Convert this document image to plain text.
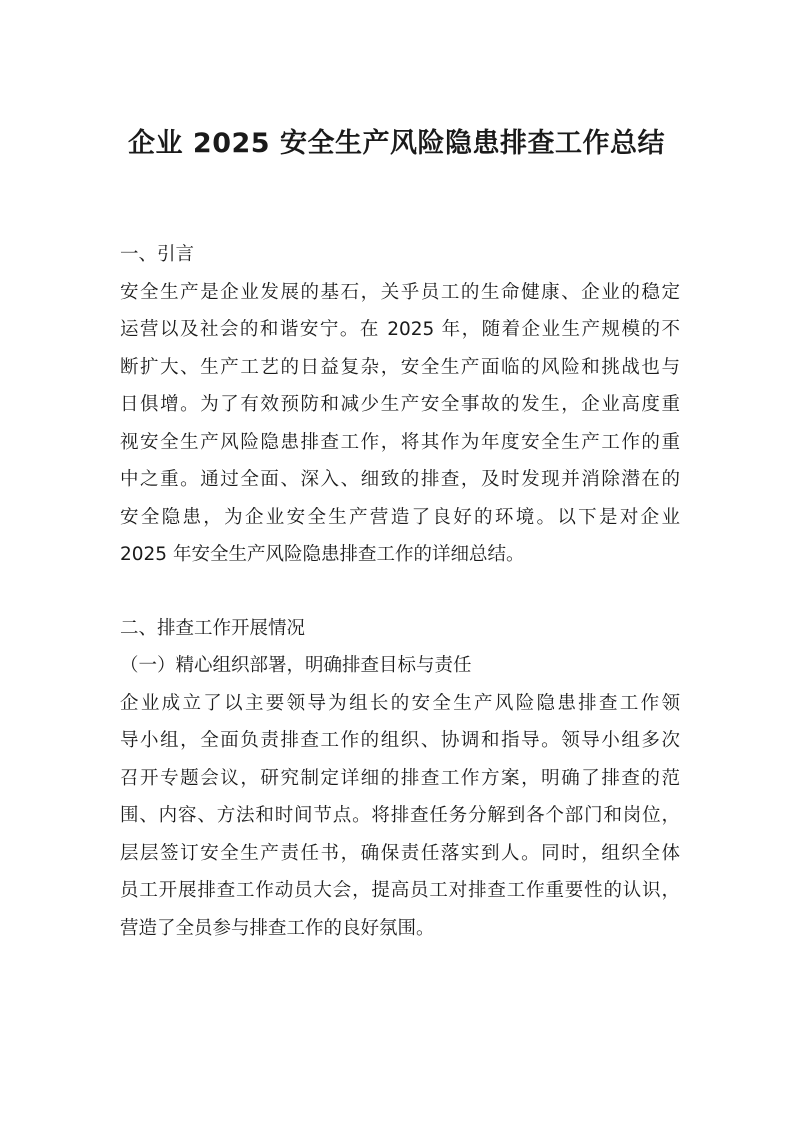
企业 2025 安全生产风险隐患排查工作总结
一、引言
安全生产是企业发展的基石，关乎员工的生命健康、企业的稳定
运营以及社会的和谐安宁。在 2025 年，随着企业生产规模的不
断扩大、生产工艺的日益复杂，安全生产面临的风险和挑战也与
日俱增。为了有效预防和减少生产安全事故的发生，企业高度重
视安全生产风险隐患排查工作，将其作为年度安全生产工作的重
中之重。通过全面、深入、细致的排查，及时发现并消除潜在的
安全隐患，为企业安全生产营造了良好的环境。以下是对企业
2025 年安全生产风险隐患排查工作的详细总结。
二、排查工作开展情况
（一）精心组织部署，明确排查目标与责任
企业成立了以主要领导为组长的安全生产风险隐患排查工作领
导小组，全面负责排查工作的组织、协调和指导。领导小组多次
召开专题会议，研究制定详细的排查工作方案，明确了排查的范
围、内容、方法和时间节点。将排查任务分解到各个部门和岗位，
层层签订安全生产责任书，确保责任落实到人。同时，组织全体
员工开展排查工作动员大会，提高员工对排查工作重要性的认识，
营造了全员参与排查工作的良好氛围。
